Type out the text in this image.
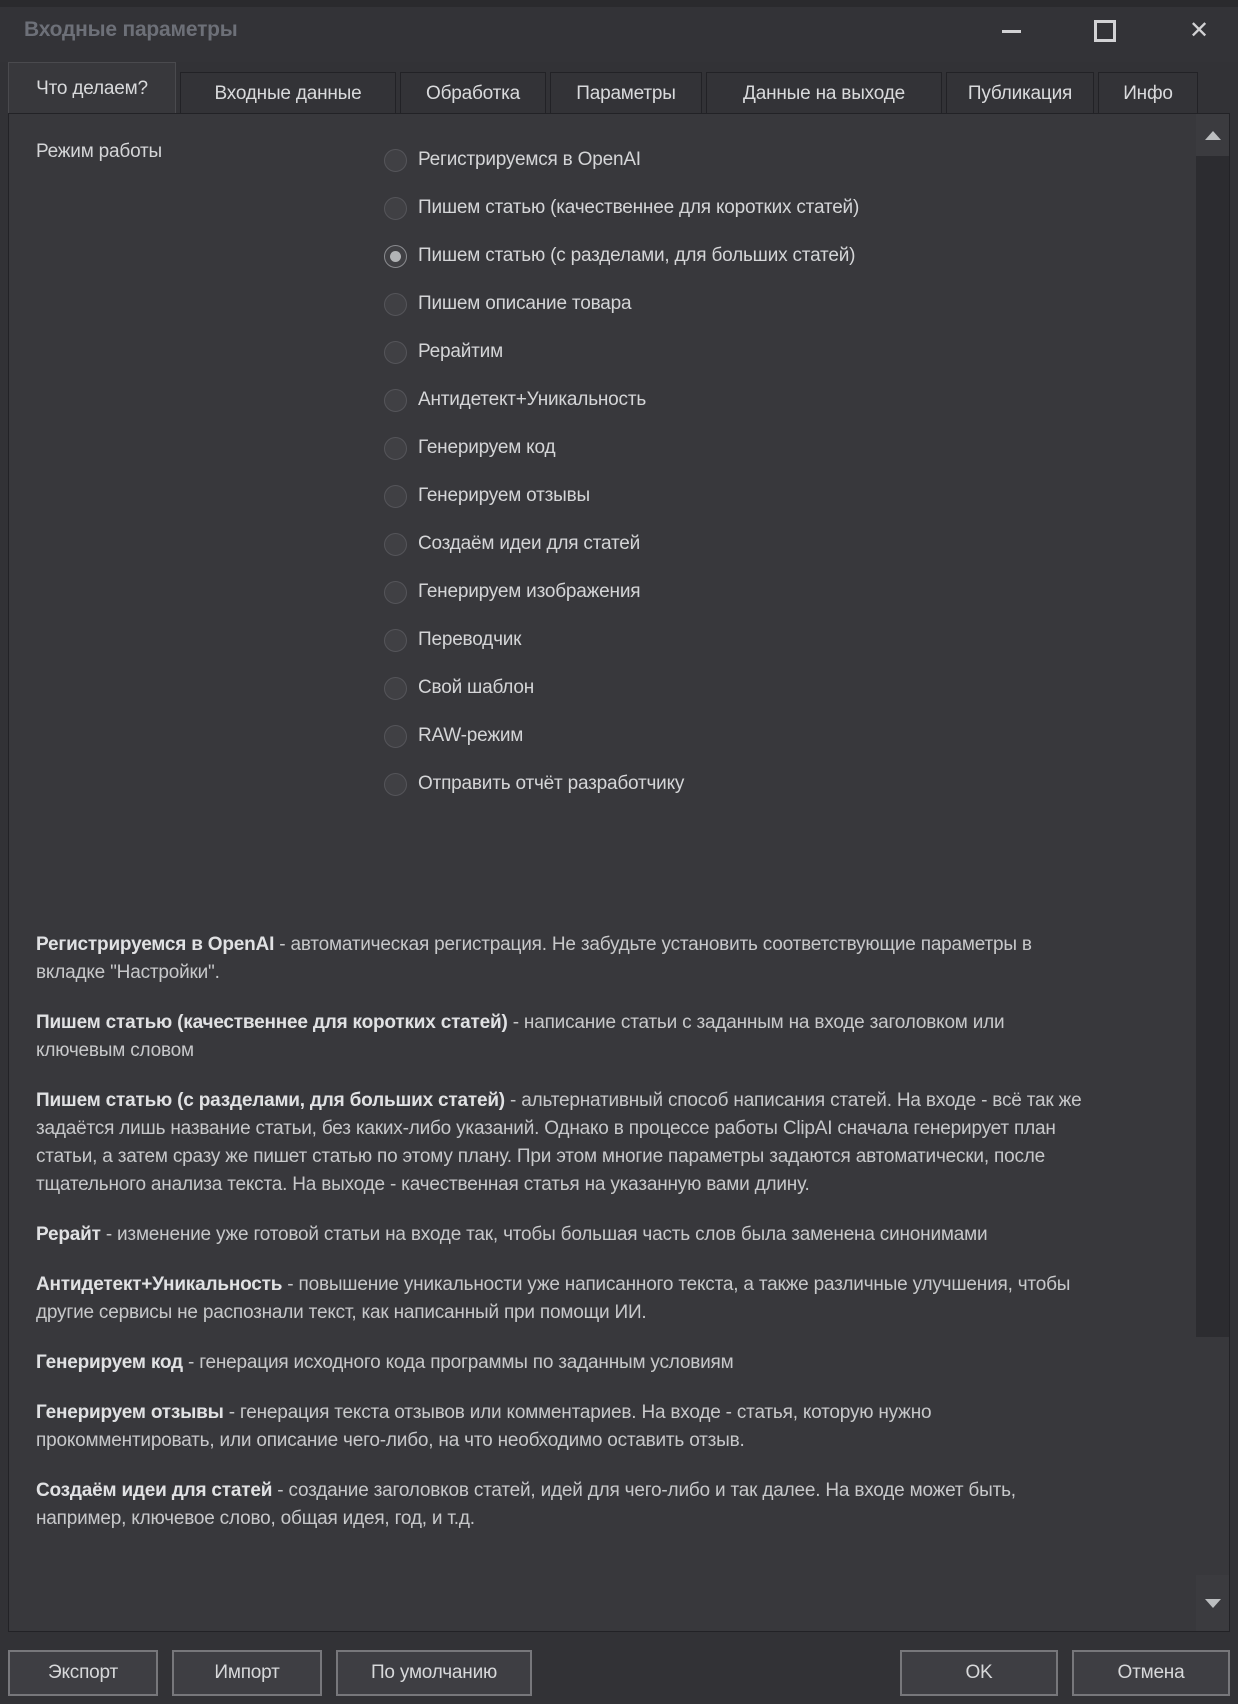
Входные параметры	✕
Что делаем?	Входные данные	Обработка	Параметры	Данные на выходе	Публикация	Инфо
Режим работы	Регистрируемся в OpenAI
Пишем статью (качественнее для коротких статей)
Пишем статью (с разделами, для больших статей)
Пишем описание товара
Рерайтим
Антидетект+Уникальность
Генерируем код
Генерируем отзывы
Создаём идеи для статей
Генерируем изображения
Переводчик
Свой шаблон
RAW-режим
Отправить отчёт разработчику

Регистрируемся в OpenAI - автоматическая регистрация. Не забудьте установить соответствующие параметры в вкладке "Настройки".

Пишем статью (качественнее для коротких статей) - написание статьи с заданным на входе заголовком или ключевым словом

Пишем статью (с разделами, для больших статей) - альтернативный способ написания статей. На входе - всё так же задаётся лишь название статьи, без каких-либо указаний. Однако в процессе работы ClipAI сначала генерирует план статьи, а затем сразу же пишет статью по этому плану. При этом многие параметры задаются автоматически, после тщательного анализа текста. На выходе - качественная статья на указанную вами длину.

Рерайт - изменение уже готовой статьи на входе так, чтобы большая часть слов была заменена синонимами

Антидетект+Уникальность - повышение уникальности уже написанного текста, а также различные улучшения, чтобы другие сервисы не распознали текст, как написанный при помощи ИИ.

Генерируем код - генерация исходного кода программы по заданным условиям

Генерируем отзывы - генерация текста отзывов или комментариев. На входе - статья, которую нужно прокомментировать, или описание чего-либо, на что необходимо оставить отзыв.

Создаём идеи для статей - создание заголовков статей, идей для чего-либо и так далее. На входе может быть, например, ключевое слово, общая идея, год, и т.д.

Экспорт	Импорт	По умолчанию	OK	Отмена
